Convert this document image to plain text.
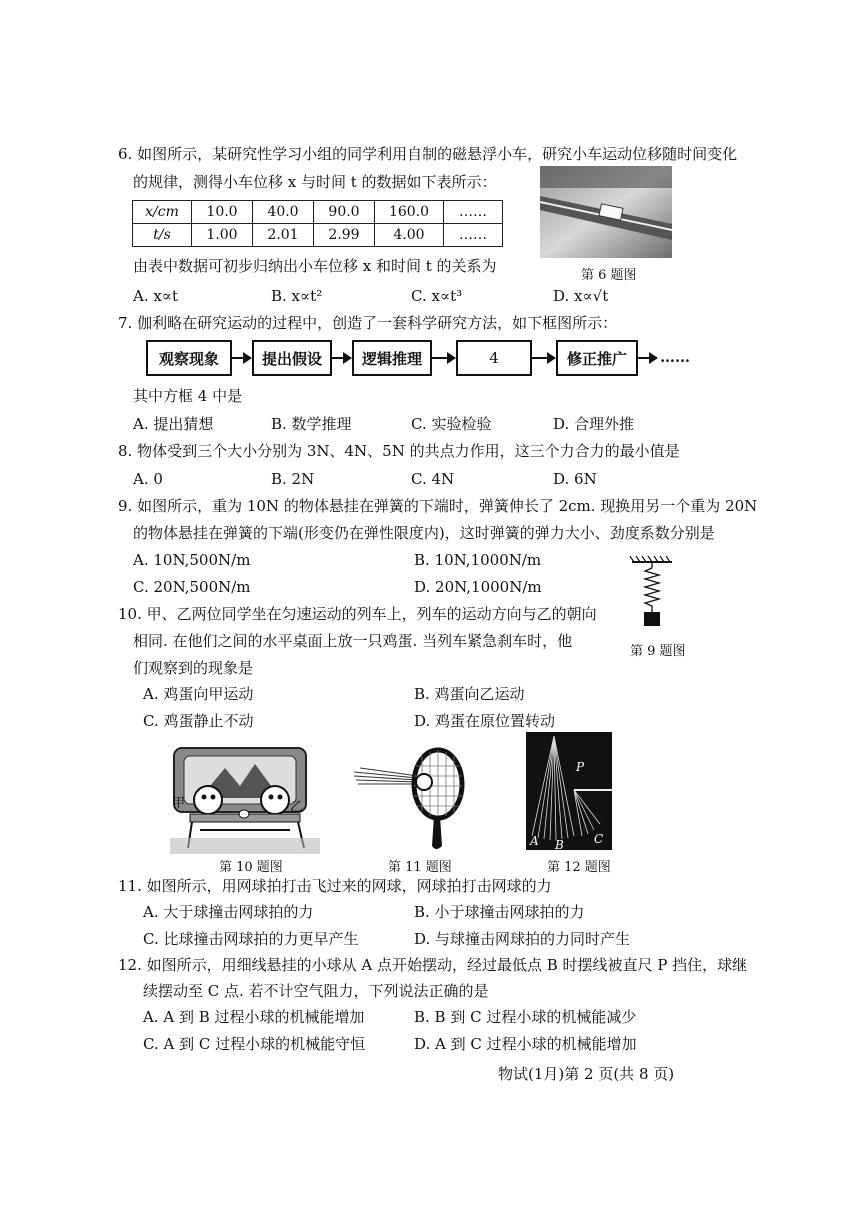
6. 如图所示，某研究性学习小组的同学利用自制的磁悬浮小车，研究小车运动位移随时间变化
的规律，测得小车位移 x 与时间 t 的数据如下表所示：
x/cm	10.0	40.0	90.0	160.0	……
t/s	1.00	2.01	2.99	4.00	……
第 6 题图
由表中数据可初步归纳出小车位移 x 和时间 t 的关系为
A. x∝t	B. x∝t²	C. x∝t³	D. x∝√t
7. 伽利略在研究运动的过程中，创造了一套科学研究方法，如下框图所示：
观察现象	提出假设	逻辑推理	4	修正推广	……
其中方框 4 中是
A. 提出猜想	B. 数学推理	C. 实验检验	D. 合理外推
8. 物体受到三个大小分别为 3N、4N、5N 的共点力作用，这三个力合力的最小值是
A. 0	B. 2N	C. 4N	D. 6N
9. 如图所示，重为 10N 的物体悬挂在弹簧的下端时，弹簧伸长了 2cm. 现换用另一个重为 20N
的物体悬挂在弹簧的下端(形变仍在弹性限度内)，这时弹簧的弹力大小、劲度系数分别是
A. 10N,500N/m	B. 10N,1000N/m
C. 20N,500N/m	D. 20N,1000N/m
第 9 题图
10. 甲、乙两位同学坐在匀速运动的列车上，列车的运动方向与乙的朝向
相同. 在他们之间的水平桌面上放一只鸡蛋. 当列车紧急刹车时，他
们观察到的现象是
A. 鸡蛋向甲运动	B. 鸡蛋向乙运动
C. 鸡蛋静止不动	D. 鸡蛋在原位置转动
甲	乙
第 10 题图	第 11 题图
P
A B	C
第 12 题图
11. 如图所示，用网球拍打击飞过来的网球，网球拍打击网球的力
A. 大于球撞击网球拍的力	B. 小于球撞击网球拍的力
C. 比球撞击网球拍的力更早产生	D. 与球撞击网球拍的力同时产生
12. 如图所示，用细线悬挂的小球从 A 点开始摆动，经过最低点 B 时摆线被直尺 P 挡住，球继
续摆动至 C 点. 若不计空气阻力，下列说法正确的是
A. A 到 B 过程小球的机械能增加	B. B 到 C 过程小球的机械能减少
C. A 到 C 过程小球的机械能守恒	D. A 到 C 过程小球的机械能增加
物试(1月)第 2 页(共 8 页)
